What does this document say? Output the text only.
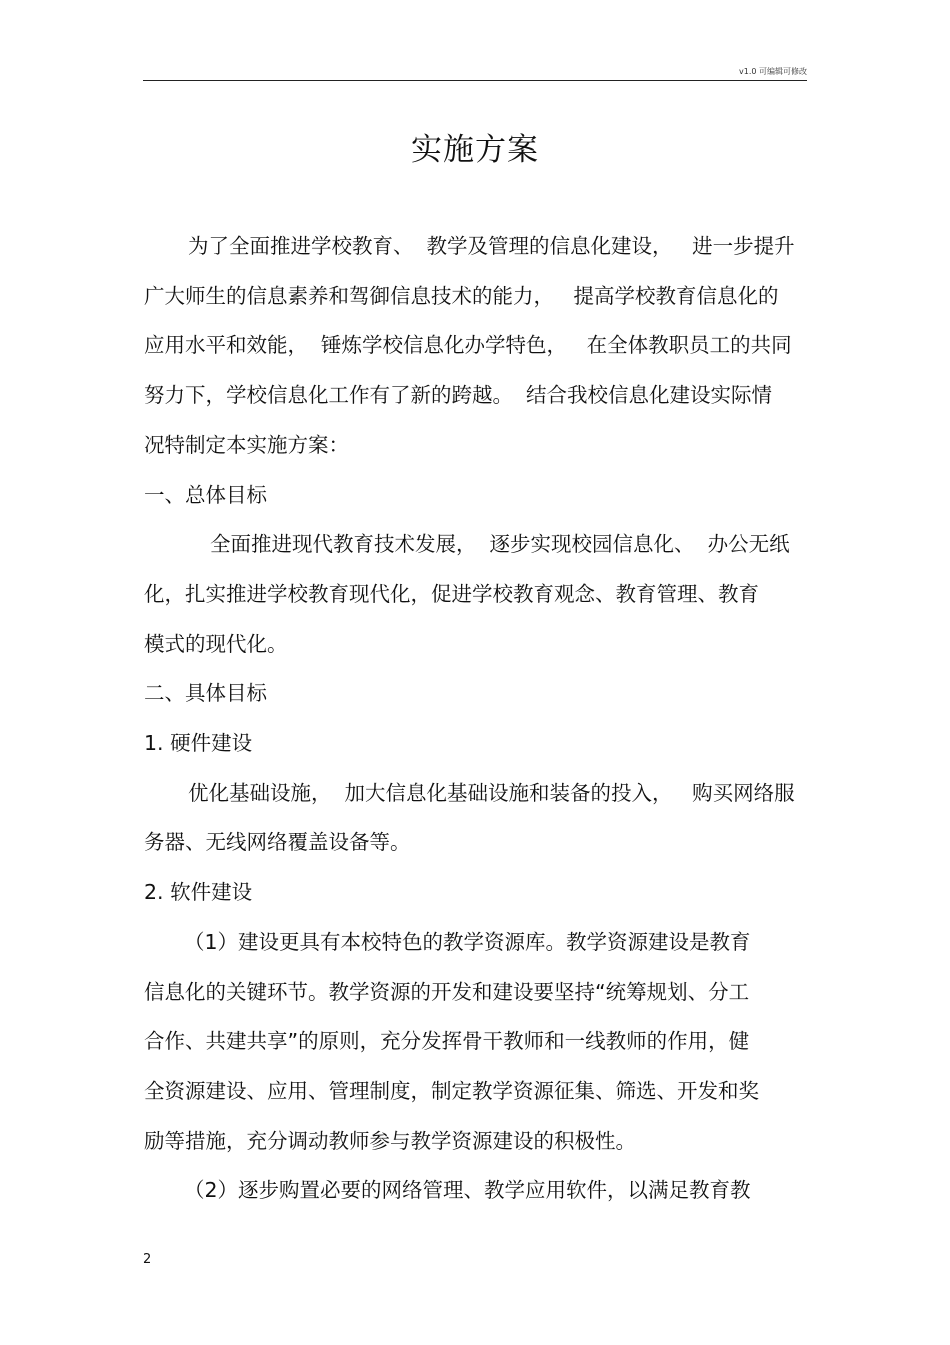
v1.0 可编辑可修改
实施方案
为了全面推进学校教育、  教学及管理的信息化建设，   进一步提升
广大师生的信息素养和驾御信息技术的能力，   提高学校教育信息化的
应用水平和效能，  锤炼学校信息化办学特色，   在全体教职员工的共同
努力下，学校信息化工作有了新的跨越。  结合我校信息化建设实际情
况特制定本实施方案：
一、总体目标
全面推进现代教育技术发展，  逐步实现校园信息化、  办公无纸
化，扎实推进学校教育现代化，促进学校教育观念、教育管理、教育
模式的现代化。
二、具体目标
1. 硬件建设
优化基础设施，  加大信息化基础设施和装备的投入，   购买网络服
务器、无线网络覆盖设备等。
2. 软件建设
（1）建设更具有本校特色的教学资源库。教学资源建设是教育
信息化的关键环节。教学资源的开发和建设要坚持“统筹规划、分工
合作、共建共享”的原则，充分发挥骨干教师和一线教师的作用，健
全资源建设、应用、管理制度，制定教学资源征集、筛选、开发和奖
励等措施，充分调动教师参与教学资源建设的积极性。
（2）逐步购置必要的网络管理、教学应用软件，以满足教育教
2
